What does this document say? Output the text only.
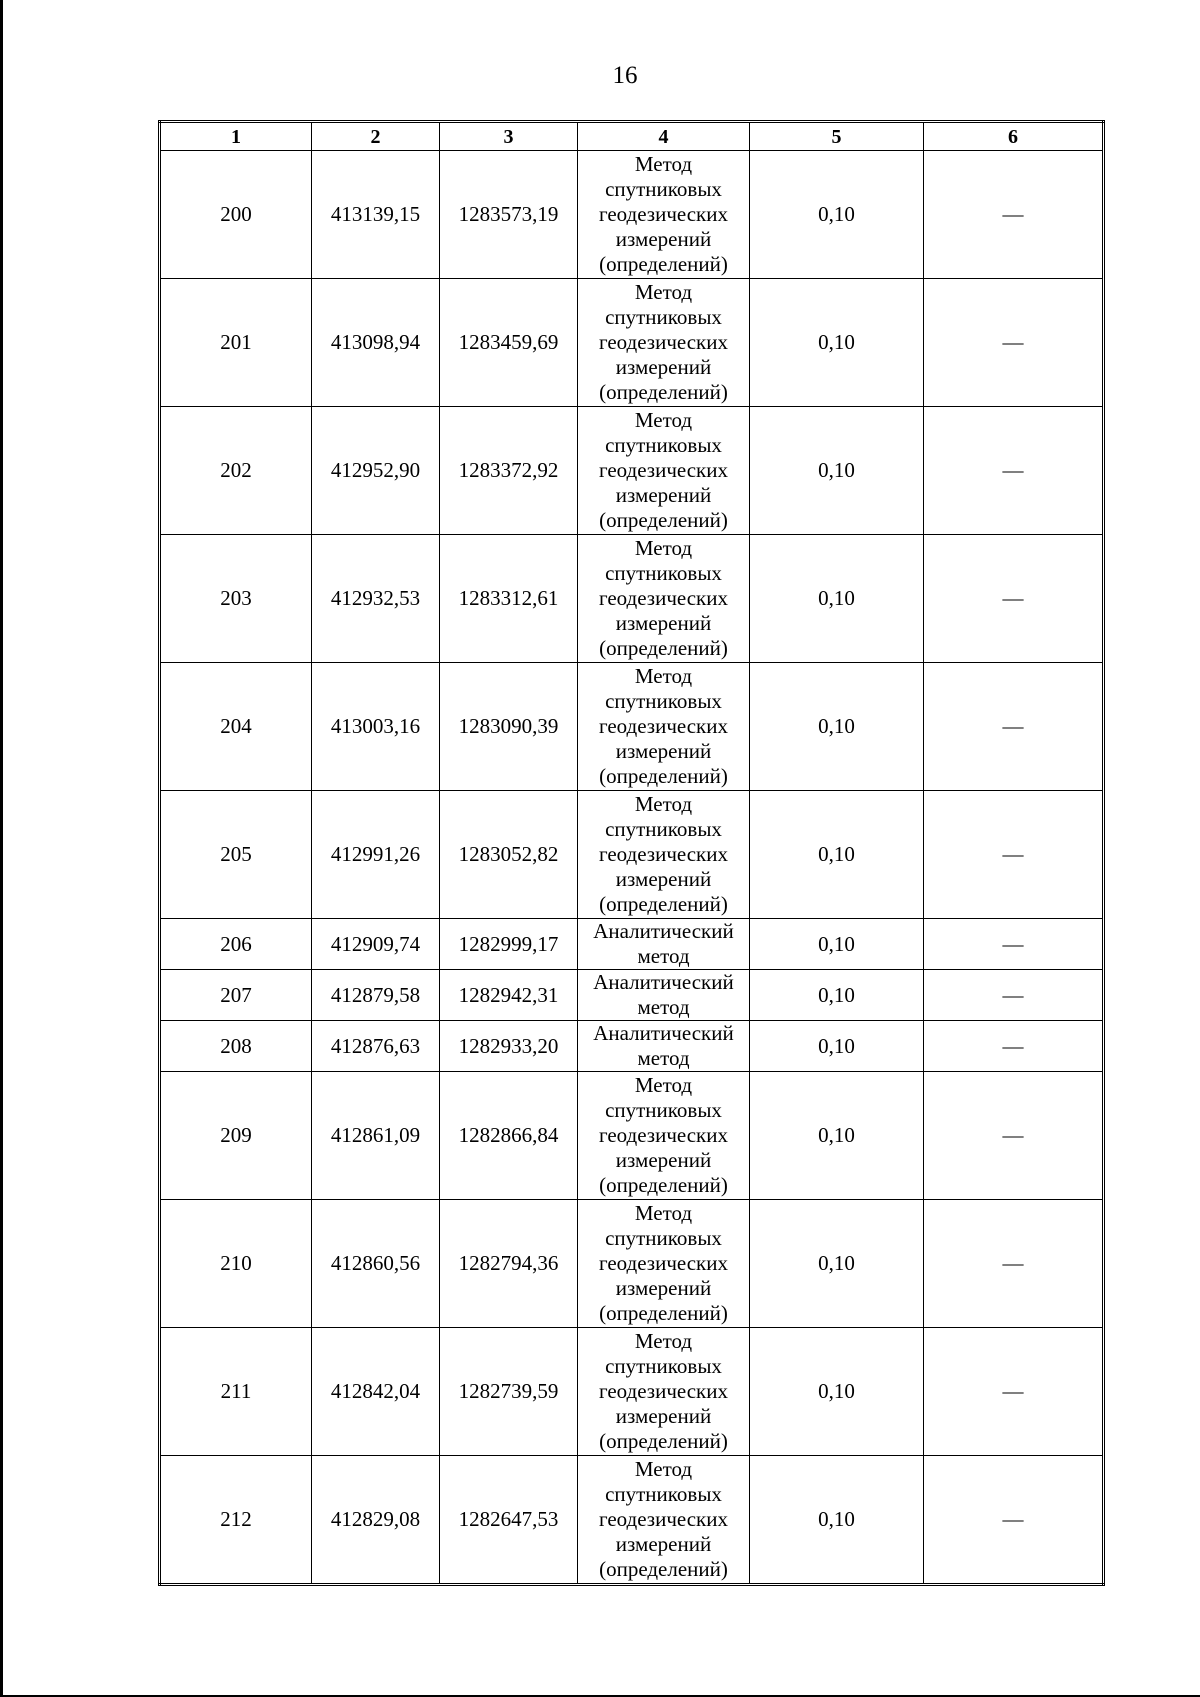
16
1	2	3	4	5	6
200	413139,15	1283573,19	Метод спутниковых геодезических измерений (определений)	0,10	—
201	413098,94	1283459,69	Метод спутниковых геодезических измерений (определений)	0,10	—
202	412952,90	1283372,92	Метод спутниковых геодезических измерений (определений)	0,10	—
203	412932,53	1283312,61	Метод спутниковых геодезических измерений (определений)	0,10	—
204	413003,16	1283090,39	Метод спутниковых геодезических измерений (определений)	0,10	—
205	412991,26	1283052,82	Метод спутниковых геодезических измерений (определений)	0,10	—
206	412909,74	1282999,17	Аналитический метод	0,10	—
207	412879,58	1282942,31	Аналитический метод	0,10	—
208	412876,63	1282933,20	Аналитический метод	0,10	—
209	412861,09	1282866,84	Метод спутниковых геодезических измерений (определений)	0,10	—
210	412860,56	1282794,36	Метод спутниковых геодезических измерений (определений)	0,10	—
211	412842,04	1282739,59	Метод спутниковых геодезических измерений (определений)	0,10	—
212	412829,08	1282647,53	Метод спутниковых геодезических измерений (определений)	0,10	—
